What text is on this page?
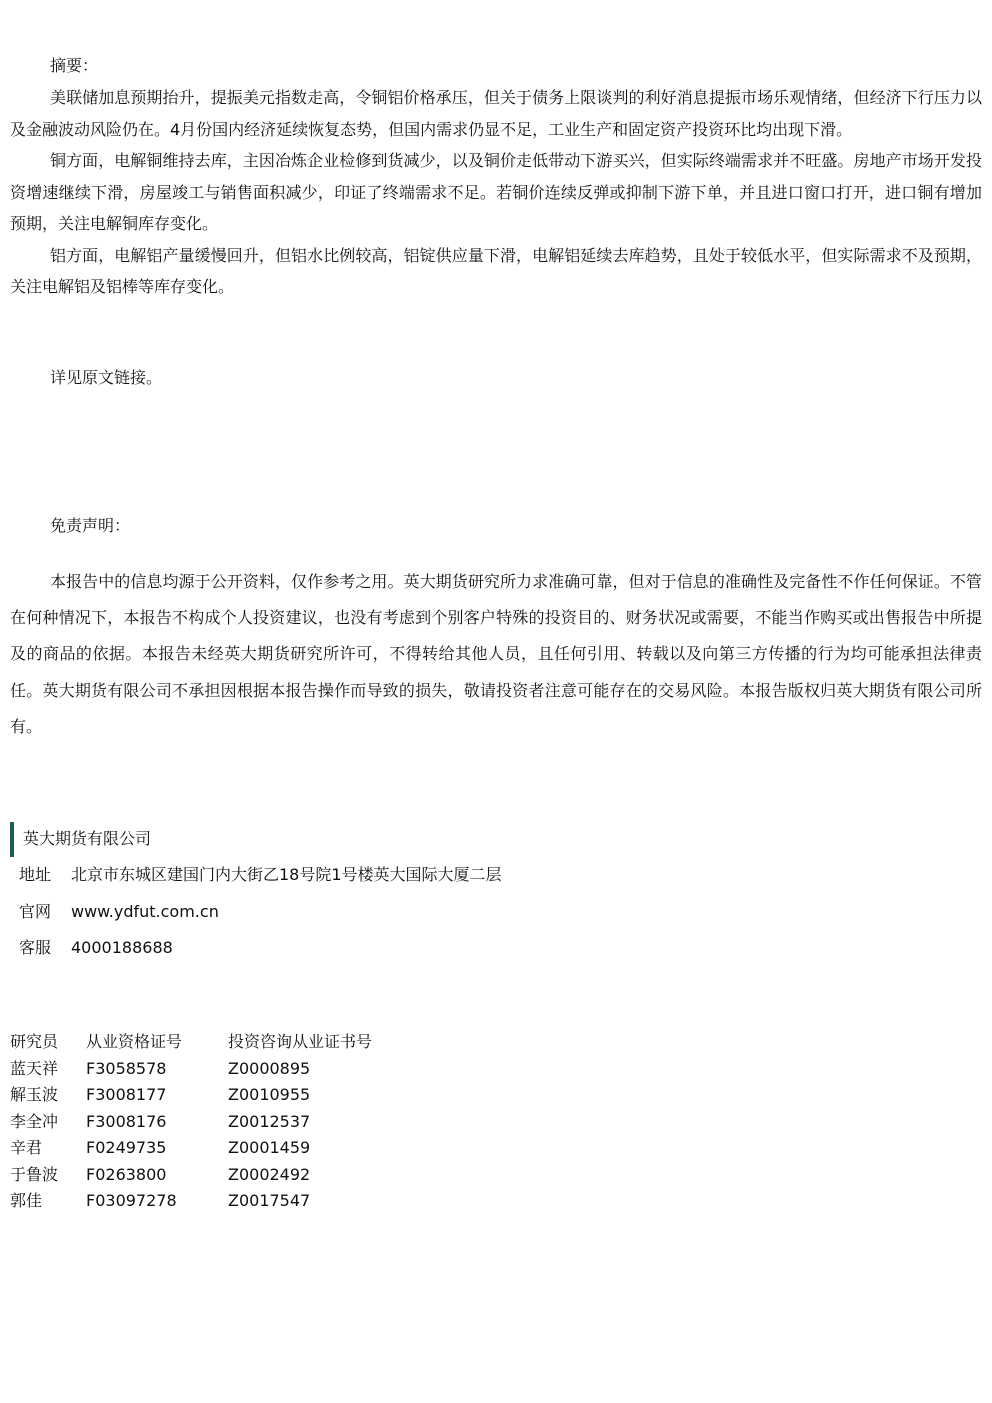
摘要：

美联储加息预期抬升，提振美元指数走高，令铜铝价格承压，但关于债务上限谈判的利好消息提振市场乐观情绪，但经济下行压力以及金融波动风险仍在。4月份国内经济延续恢复态势，但国内需求仍显不足，工业生产和固定资产投资环比均出现下滑。

铜方面，电解铜维持去库，主因冶炼企业检修到货减少，以及铜价走低带动下游买兴，但实际终端需求并不旺盛。房地产市场开发投资增速继续下滑，房屋竣工与销售面积减少，印证了终端需求不足。若铜价连续反弹或抑制下游下单，并且进口窗口打开，进口铜有增加预期，关注电解铜库存变化。

铝方面，电解铝产量缓慢回升，但铝水比例较高，铝锭供应量下滑，电解铝延续去库趋势，且处于较低水平，但实际需求不及预期，关注电解铝及铝棒等库存变化。

详见原文链接。
免责声明：

本报告中的信息均源于公开资料，仅作参考之用。英大期货研究所力求准确可靠，但对于信息的准确性及完备性不作任何保证。不管在何种情况下，本报告不构成个人投资建议，也没有考虑到个别客户特殊的投资目的、财务状况或需要，不能当作购买或出售报告中所提及的商品的依据。本报告未经英大期货研究所许可，不得转给其他人员，且任何引用、转载以及向第三方传播的行为均可能承担法律责任。英大期货有限公司不承担因根据本报告操作而导致的损失，敬请投资者注意可能存在的交易风险。本报告版权归英大期货有限公司所有。

英大期货有限公司
地址 北京市东城区建国门内大街乙18号院1号楼英大国际大厦二层
官网 www.ydfut.com.cn
客服 4000188688
研究员 从业资格证号	投资咨询从业证书号
蓝天祥 F3058578	Z0000895
解玉波 F3008177	Z0010955
李全冲 F3008176	Z0012537
辛君	F0249735	Z0001459
于鲁波 F0263800	Z0002492
郭佳	F03097278	Z0017547
